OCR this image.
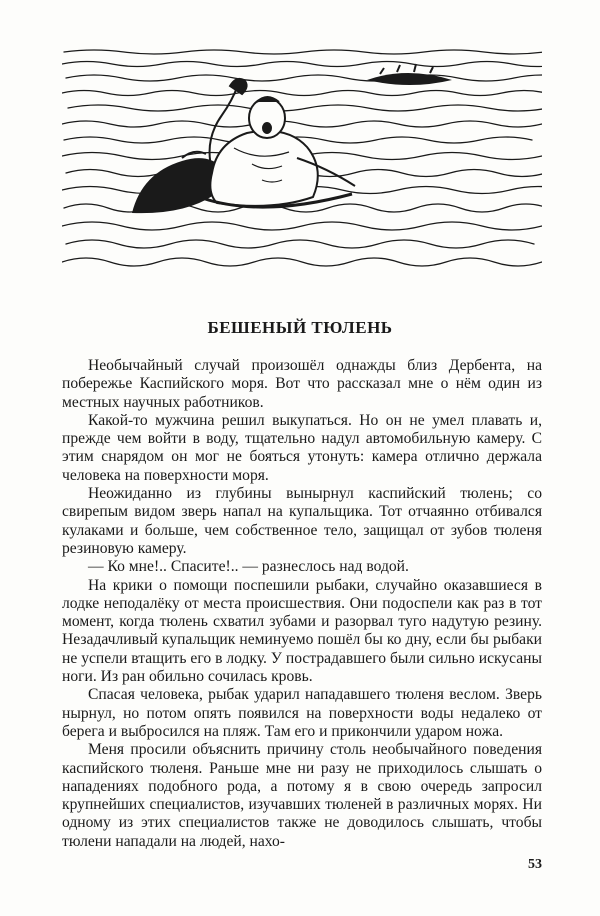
БЕШЕНЫЙ ТЮЛЕНЬ

Необычайный случай произошёл однажды близ Дербента, на побережье Каспийского моря. Вот что рассказал мне о нём один из местных научных работников.

Какой-то мужчина решил выкупаться. Но он не умел плавать и, прежде чем войти в воду, тщательно надул автомобильную камеру. С этим снарядом он мог не бояться утонуть: камера отлично держала человека на поверхности моря.

Неожиданно из глубины вынырнул каспийский тюлень; со свирепым видом зверь напал на купальщика. Тот отчаянно отбивался кулаками и больше, чем собственное тело, защищал от зубов тюленя резиновую камеру.

— Ко мне!.. Спасите!.. — разнеслось над водой.

На крики о помощи поспешили рыбаки, случайно оказавшиеся в лодке неподалёку от места происшествия. Они подоспели как раз в тот момент, когда тюлень схватил зубами и разорвал туго надутую резину. Незадачливый купальщик неминуемо пошёл бы ко дну, если бы рыбаки не успели втащить его в лодку. У пострадавшего были сильно искусаны ноги. Из ран обильно сочилась кровь.

Спасая человека, рыбак ударил нападавшего тюленя веслом. Зверь нырнул, но потом опять появился на поверхности воды недалеко от берега и выбросился на пляж. Там его и прикончили ударом ножа.

Меня просили объяснить причину столь необычайного поведения каспийского тюленя. Раньше мне ни разу не приходилось слышать о нападениях подобного рода, а потому я в свою очередь запросил крупнейших специалистов, изучавших тюленей в различных морях. Ни одному из этих специалистов также не доводилось слышать, чтобы тюлени нападали на людей, нахо-

53
